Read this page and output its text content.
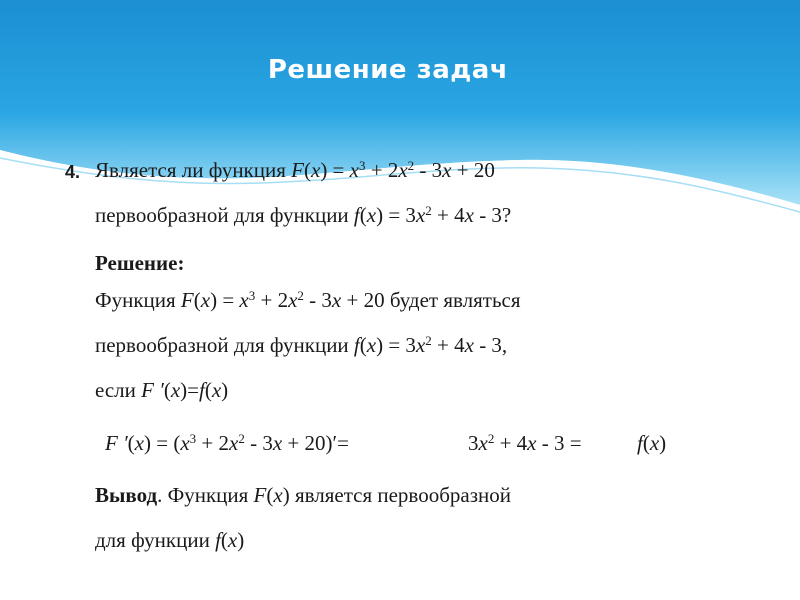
Решение задач
4. Является ли функция $F(x) = x^3 + 2x^2 - 3x + 20$
первообразной для функции $f(x) = 3x^2 + 4x - 3$?
Решение:
Функция $F(x) = x^3 + 2x^2 - 3x + 20$ будет являться
первообразной для функции $f(x) = 3x^2 + 4x - 3$,
если F ′(x)=f(x)
F $'(x) = (x^3 + 2x^2 - 3x + 20)'=$	$3x^2 + 4x - 3$ =	f(x)
Вывод. Функция F(x) является первообразной
для функции f(x)
